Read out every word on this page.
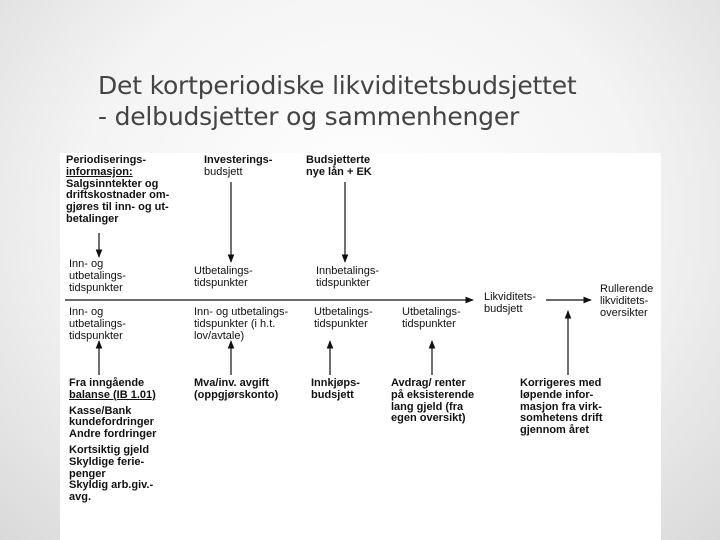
Det kortperiodiske likviditetsbudsjettet
- delbudsjetter og sammenhenger
Periodiserings-
informasjon:
Salgsinntekter og
driftskostnader om-
gjøres til inn- og ut-
betalinger
Investerings-
budsjett
Budsjetterte
nye lån + EK
Inn- og
utbetalings-
tidspunkter
Utbetalings-
tidspunkter
Innbetalings-
tidspunkter
Likviditets-
budsjett
Rullerende
likviditets-
oversikter
Inn- og
utbetalings-
tidspunkter
Inn- og utbetalings-
tidspunkter (i h.t.
lov/avtale)
Utbetalings-
tidspunkter
Utbetalings-
tidspunkter
Fra inngående
balanse (IB 1.01)
Kasse/Bank
kundefordringer
Andre fordringer
Kortsiktig gjeld
Skyldige ferie-
penger
Skyldig arb.giv.-
avg.
Mva/inv. avgift
(oppgjørskonto)
Innkjøps-
budsjett
Avdrag/ renter
på eksisterende
lang gjeld (fra
egen oversikt)
Korrigeres med
løpende infor-
masjon fra virk-
somhetens drift
gjennom året
